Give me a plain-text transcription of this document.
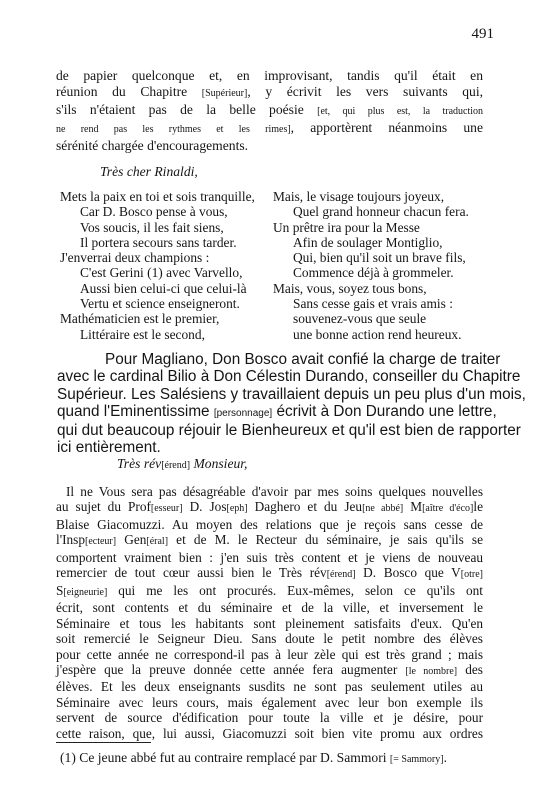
491
de papier quelconque et, en improvisant, tandis qu'il était en
réunion du Chapitre [Supérieur], y écrivit les vers suivants qui,
s'ils n'étaient pas de la belle poésie [et, qui plus est, la traduction
ne rend pas les rythmes et les rimes], apportèrent néanmoins une
sérénité chargée d'encouragements.
Très cher Rinaldi,
Mets la paix en toi et sois tranquille,
Car D. Bosco pense à vous,
Vos soucis, il les fait siens,
Il portera secours sans tarder.
J'enverrai deux champions :
C'est Gerini (1) avec Varvello,
Aussi bien celui-ci que celui-là
Vertu et science enseigneront.
Mathématicien est le premier,
Littéraire est le second,
Mais, le visage toujours joyeux,
Quel grand honneur chacun fera.
Un prêtre ira pour la Messe
Afin de soulager Montiglio,
Qui, bien qu'il soit un brave fils,
Commence déjà à grommeler.
Mais, vous, soyez tous bons,
Sans cesse gais et vrais amis :
souvenez-vous que seule
une bonne action rend heureux.
Pour Magliano, Don Bosco avait confié la charge de traiter
avec le cardinal Bilio à Don Célestin Durando, conseiller du Chapitre
Supérieur. Les Salésiens y travaillaient depuis un peu plus d'un mois,
quand l'Eminentissime [personnage] écrivit à Don Durando une lettre,
qui dut beaucoup réjouir le Bienheureux et qu'il est bien de rapporter
ici entièrement.
Très rév[érend] Monsieur,
Il ne Vous sera pas désagréable d'avoir par mes soins quelques nouvelles
au sujet du Prof[esseur] D. Jos[eph] Daghero et du Jeu[ne abbé] M[aître d'éco]le
Blaise Giacomuzzi. Au moyen des relations que je reçois sans cesse de
l'Insp[ecteur] Gen[éral] et de M. le Recteur du séminaire, je sais qu'ils se
comportent vraiment bien : j'en suis très content et je viens de nouveau
remercier de tout cœur aussi bien le Très rév[érend] D. Bosco que V[otre]
S[eigneurie] qui me les ont procurés. Eux-mêmes, selon ce qu'ils ont
écrit, sont contents et du séminaire et de la ville, et inversement le
Séminaire et tous les habitants sont pleinement satisfaits d'eux. Qu'en
soit remercié le Seigneur Dieu. Sans doute le petit nombre des élèves
pour cette année ne correspond-il pas à leur zèle qui est très grand ; mais
j'espère que la preuve donnée cette année fera augmenter [le nombre] des
élèves. Et les deux enseignants susdits ne sont pas seulement utiles au
Séminaire avec leurs cours, mais également avec leur bon exemple ils
servent de source d'édification pour toute la ville et je désire, pour
cette raison, que, lui aussi, Giacomuzzi soit bien vite promu aux ordres
(1) Ce jeune abbé fut au contraire remplacé par D. Sammori [= Sammory].
